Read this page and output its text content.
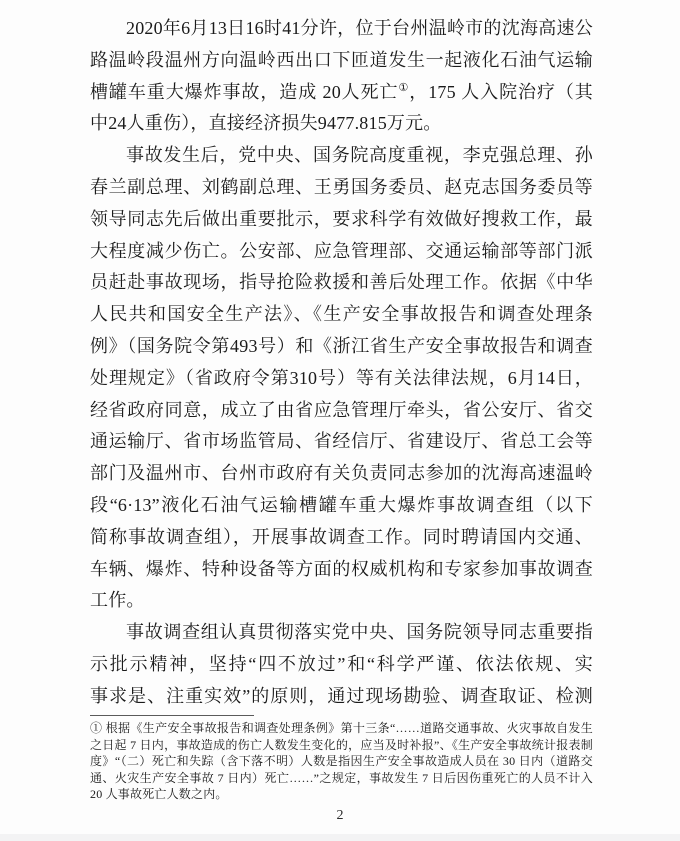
2020年6月13日16时41分许，位于台州温岭市的沈海高速公
路温岭段温州方向温岭西出口下匝道发生一起液化石油气运输
槽罐车重大爆炸事故，造成 20人死亡①，175 人入院治疗（其
中24人重伤），直接经济损失9477.815万元。

事故发生后，党中央、国务院高度重视，李克强总理、孙
春兰副总理、刘鹤副总理、王勇国务委员、赵克志国务委员等
领导同志先后做出重要批示，要求科学有效做好搜救工作，最
大程度减少伤亡。公安部、应急管理部、交通运输部等部门派
员赶赴事故现场，指导抢险救援和善后处理工作。依据《中华
人民共和国安全生产法》、《生产安全事故报告和调查处理条
例》（国务院令第493号）和《浙江省生产安全事故报告和调查
处理规定》（省政府令第310号）等有关法律法规，6月14日，
经省政府同意，成立了由省应急管理厅牵头，省公安厅、省交
通运输厅、省市场监管局、省经信厅、省建设厅、省总工会等
部门及温州市、台州市政府有关负责同志参加的沈海高速温岭
段“6·13”液化石油气运输槽罐车重大爆炸事故调查组（以下
简称事故调查组），开展事故调查工作。同时聘请国内交通、
车辆、爆炸、特种设备等方面的权威机构和专家参加事故调查
工作。

事故调查组认真贯彻落实党中央、国务院领导同志重要指
示批示精神，坚持“四不放过”和“科学严谨、依法依规、实
事求是、注重实效”的原则，通过现场勘验、调查取证、检测

① 根据《生产安全事故报告和调查处理条例》第十三条“……道路交通事故、火灾事故自发生
之日起 7 日内，事故造成的伤亡人数发生变化的，应当及时补报”、《生产安全事故统计报表制
度》“（二）死亡和失踪（含下落不明）人数是指因生产安全事故造成人员在 30 日内（道路交
通、火灾生产安全事故 7 日内）死亡……”之规定，事故发生 7 日后因伤重死亡的人员不计入
20 人事故死亡人数之内。

2
